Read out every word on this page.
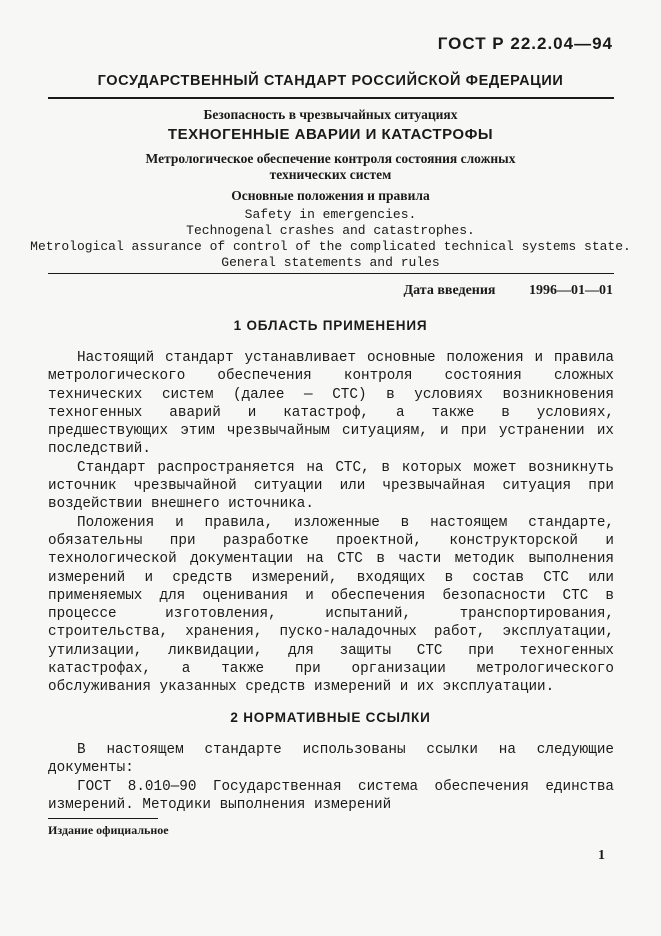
ГОСТ Р 22.2.04—94
ГОСУДАРСТВЕННЫЙ СТАНДАРТ РОССИЙСКОЙ ФЕДЕРАЦИИ
Безопасность в чрезвычайных ситуациях
ТЕХНОГЕННЫЕ АВАРИИ И КАТАСТРОФЫ
Метрологическое обеспечение контроля состояния сложных
технических систем
Основные положения и правила
Safety in emergencies.
Technogenal crashes and catastrophes.
Metrological assurance of control of the complicated technical systems state.
General statements and rules
Дата введения 1996—01—01
1 ОБЛАСТЬ ПРИМЕНЕНИЯ

Настоящий стандарт устанавливает основные положения и правила метрологического обеспечения контроля состояния сложных технических систем (далее — СТС) в условиях возникновения техногенных аварий и катастроф, а также в условиях, предшествующих этим чрезвычайным ситуациям, и при устранении их последствий.

Стандарт распространяется на СТС, в которых может возникнуть источник чрезвычайной ситуации или чрезвычайная ситуация при воздействии внешнего источника.

Положения и правила, изложенные в настоящем стандарте, обязательны при разработке проектной, конструкторской и технологической документации на СТС в части методик выполнения измерений и средств измерений, входящих в состав СТС или применяемых для оценивания и обеспечения безопасности СТС в процессе изготовления, испытаний, транспортирования, строительства, хранения, пуско-наладочных работ, эксплуатации, утилизации, ликвидации, для защиты СТС при техногенных катастрофах, а также при организации метрологического обслуживания указанных средств измерений и их эксплуатации.

2 НОРМАТИВНЫЕ ССЫЛКИ

В настоящем стандарте использованы ссылки на следующие документы:

ГОСТ 8.010—90 Государственная система обеспечения единства измерений. Методики выполнения измерений

Издание официальное
1
